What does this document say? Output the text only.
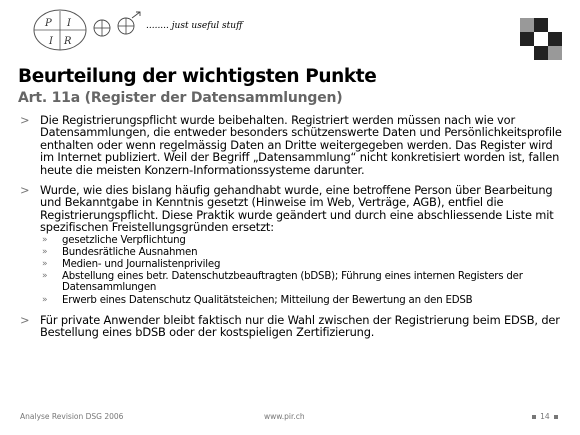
P I
I R
........ just useful stuff
Beurteilung der wichtigsten Punkte
Art. 11a (Register der Datensammlungen)
> Die Registrierungspflicht wurde beibehalten. Registriert werden müssen nach wie vor Datensammlungen, die entweder besonders schützenswerte Daten und Persönlichkeitsprofile enthalten oder wenn regelmässig Daten an Dritte weitergegeben werden. Das Register wird im Internet publiziert. Weil der Begriff „Datensammlung“ nicht konkretisiert worden ist, fallen heute die meisten Konzern-Informationssysteme darunter.
> Wurde, wie dies bislang häufig gehandhabt wurde, eine betroffene Person über Bearbeitung und Bekanntgabe in Kenntnis gesetzt (Hinweise im Web, Verträge, AGB), entfiel die Registrierungspflicht. Diese Praktik wurde geändert und durch eine abschliessende Liste mit spezifischen Freistellungsgründen ersetzt:
» gesetzliche Verpflichtung
» Bundesrätliche Ausnahmen
» Medien- und Journalistenprivileg
» Abstellung eines betr. Datenschutzbeauftragten (bDSB); Führung eines internen Registers der Datensammlungen
» Erwerb eines Datenschutz Qualitätsteichen; Mitteilung der Bewertung an den EDSB
> Für private Anwender bleibt faktisch nur die Wahl zwischen der Registrierung beim EDSB, der Bestellung eines bDSB oder der kostspieligen Zertifizierung.
Analyse Revision DSG 2006	www.pir.ch	14
